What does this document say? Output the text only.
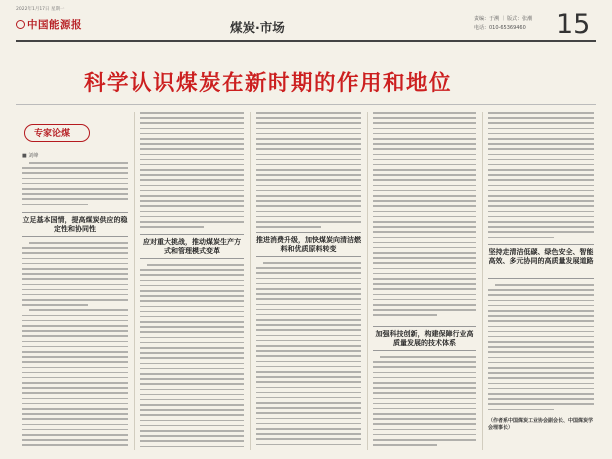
2022年1月17日 星期一
中国能源报	煤炭·市场
责编：于溯 ｜ 版式：张潮
电话：010-65369460 15
科学认识煤炭在新时期的作用和地位
专家论煤
■ 刘峰
立足基本国情，提高煤炭供应的稳定性和协同性
应对重大挑战，推动煤炭生产方式和管理模式变革
推进消费升级，加快煤炭向清洁燃料和优质原料转变
加强科技创新，构建保障行业高质量发展的技术体系
坚持走清洁低碳、绿色安全、智能高效、多元协同的高质量发展道路
（作者系中国煤炭工业协会副会长、中国煤炭学会理事长）
